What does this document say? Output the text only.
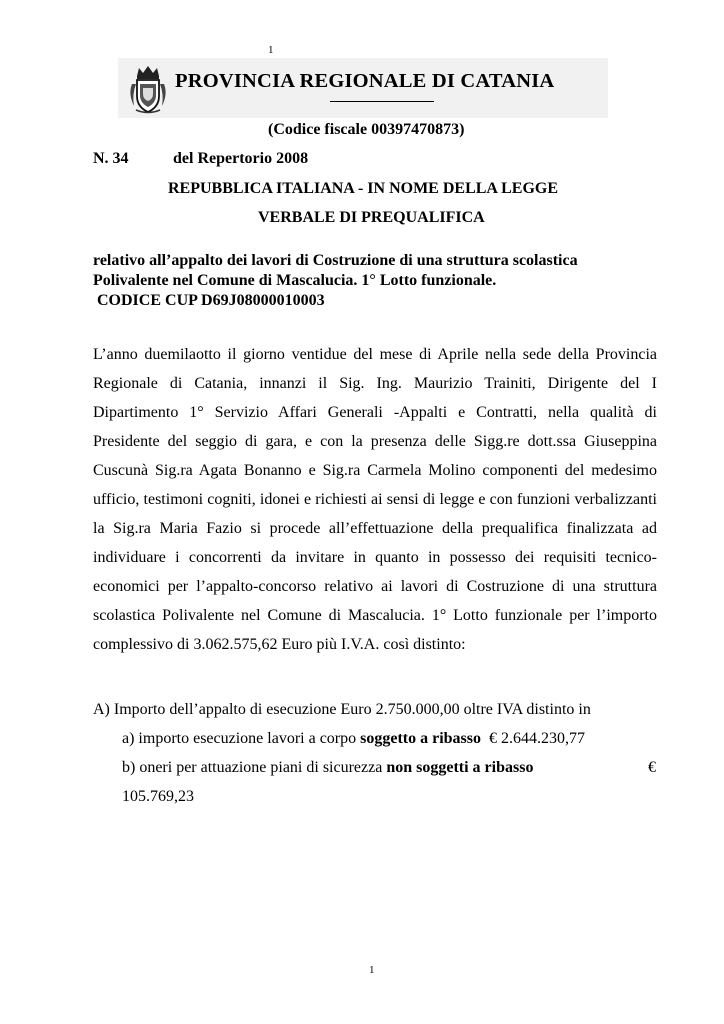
1
PROVINCIA REGIONALE DI CATANIA
(Codice fiscale 00397470873)
N. 34	del Repertorio 2008
REPUBBLICA ITALIANA - IN NOME DELLA LEGGE
VERBALE DI PREQUALIFICA
relativo all’appalto dei lavori di Costruzione di una struttura scolastica
Polivalente nel Comune di Mascalucia. 1° Lotto funzionale.
CODICE CUP D69J08000010003

L’anno duemilaotto il giorno ventidue del mese di Aprile nella sede della Provincia Regionale di Catania, innanzi il Sig. Ing. Maurizio Trainiti, Dirigente del I Dipartimento 1° Servizio Affari Generali -Appalti e Contratti, nella qualità di Presidente del seggio di gara, e con la presenza delle Sigg.re dott.ssa Giuseppina Cuscunà Sig.ra Agata Bonanno e Sig.ra Carmela Molino componenti del medesimo ufficio, testimoni cogniti, idonei e richiesti ai sensi di legge e con funzioni verbalizzanti la Sig.ra Maria Fazio si procede all’effettuazione della prequalifica finalizzata ad individuare i concorrenti da invitare in quanto in possesso dei requisiti tecnico-economici per l’appalto-concorso relativo ai lavori di Costruzione di una struttura scolastica Polivalente nel Comune di Mascalucia. 1° Lotto funzionale per l’importo complessivo di 3.062.575,62 Euro più I.V.A. così distinto:

A) Importo dell’appalto di esecuzione Euro 2.750.000,00 oltre IVA distinto in
a) importo esecuzione lavori a corpo soggetto a ribasso  € 2.644.230,77
b) oneri per attuazione piani di sicurezza non soggetti a ribasso	€
105.769,23
1
